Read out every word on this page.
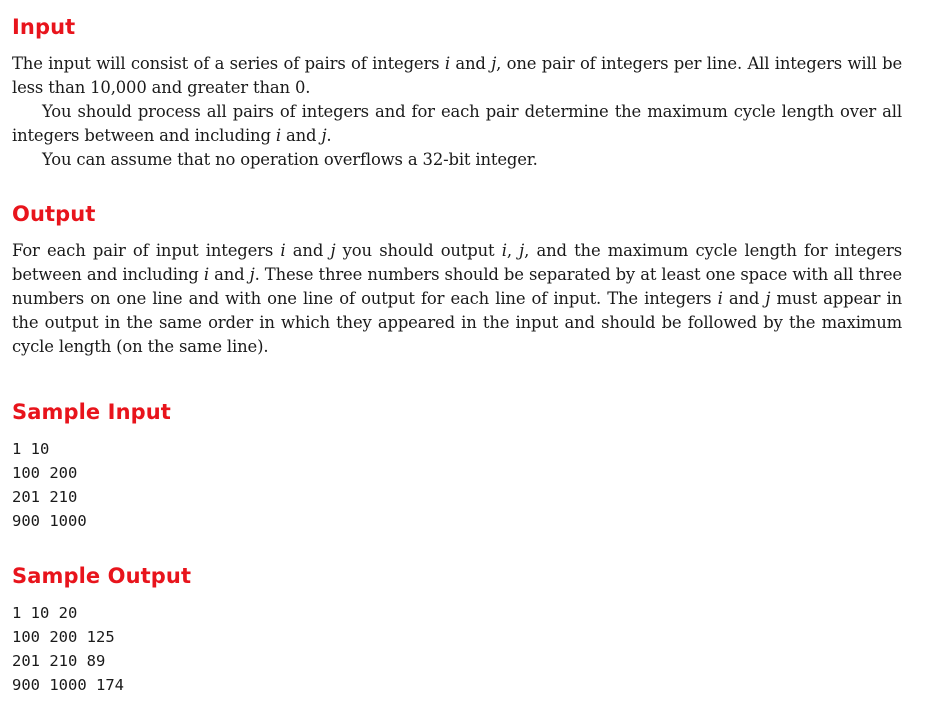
Input

The input will consist of a series of pairs of integers i and j, one pair of integers per line. All integers will be less than 10,000 and greater than 0.

You should process all pairs of integers and for each pair determine the maximum cycle length over all integers between and including i and j.

You can assume that no operation overflows a 32-bit integer.

Output

For each pair of input integers i and j you should output i, j, and the maximum cycle length for integers between and including i and j. These three numbers should be separated by at least one space with all three numbers on one line and with one line of output for each line of input. The integers i and j must appear in the output in the same order in which they appeared in the input and should be followed by the maximum cycle length (on the same line).

Sample Input

1 10

100 200

201 210

900 1000

Sample Output

1 10 20

100 200 125

201 210 89

900 1000 174
